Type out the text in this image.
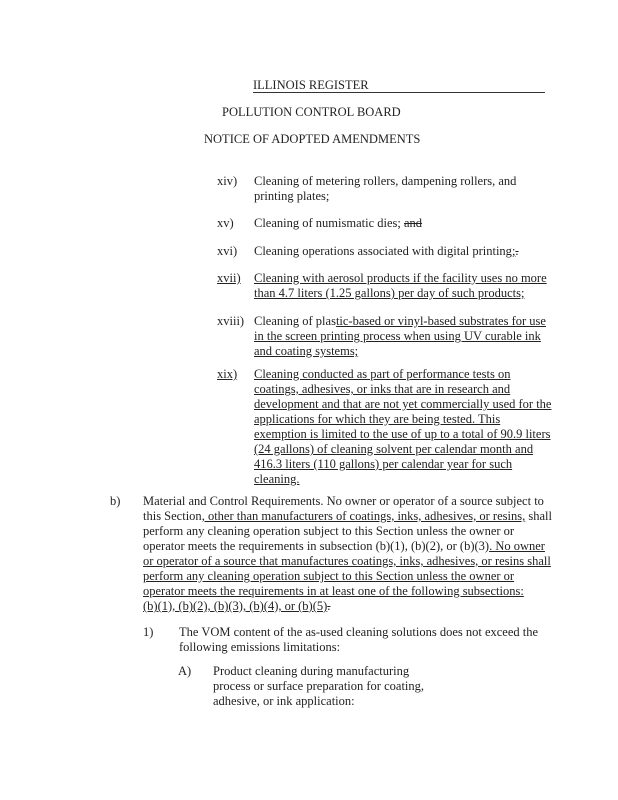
ILLINOIS REGISTER
POLLUTION CONTROL BOARD
NOTICE OF ADOPTED AMENDMENTS
xiv) Cleaning of metering rollers, dampening rollers, and
printing plates;
xv) Cleaning of numismatic dies; and
xvi) Cleaning operations associated with digital printing;.
xvii) Cleaning with aerosol products if the facility uses no more
than 4.7 liters (1.25 gallons) per day of such products;
xviii) Cleaning of plastic-based or vinyl-based substrates for use
in the screen printing process when using UV curable ink
and coating systems;
xix) Cleaning conducted as part of performance tests on
coatings, adhesives, or inks that are in research and
development and that are not yet commercially used for the
applications for which they are being tested. This
exemption is limited to the use of up to a total of 90.9 liters
(24 gallons) of cleaning solvent per calendar month and
416.3 liters (110 gallons) per calendar year for such
cleaning.
b) Material and Control Requirements. No owner or operator of a source subject to
this Section, other than manufacturers of coatings, inks, adhesives, or resins, shall
perform any cleaning operation subject to this Section unless the owner or
operator meets the requirements in subsection (b)(1), (b)(2), or (b)(3). No owner
or operator of a source that manufactures coatings, inks, adhesives, or resins shall
perform any cleaning operation subject to this Section unless the owner or
operator meets the requirements in at least one of the following subsections:
(b)(1), (b)(2), (b)(3), (b)(4), or (b)(5).
1) The VOM content of the as-used cleaning solutions does not exceed the
following emissions limitations:
A) Product cleaning during manufacturing
process or surface preparation for coating,
adhesive, or ink application:
